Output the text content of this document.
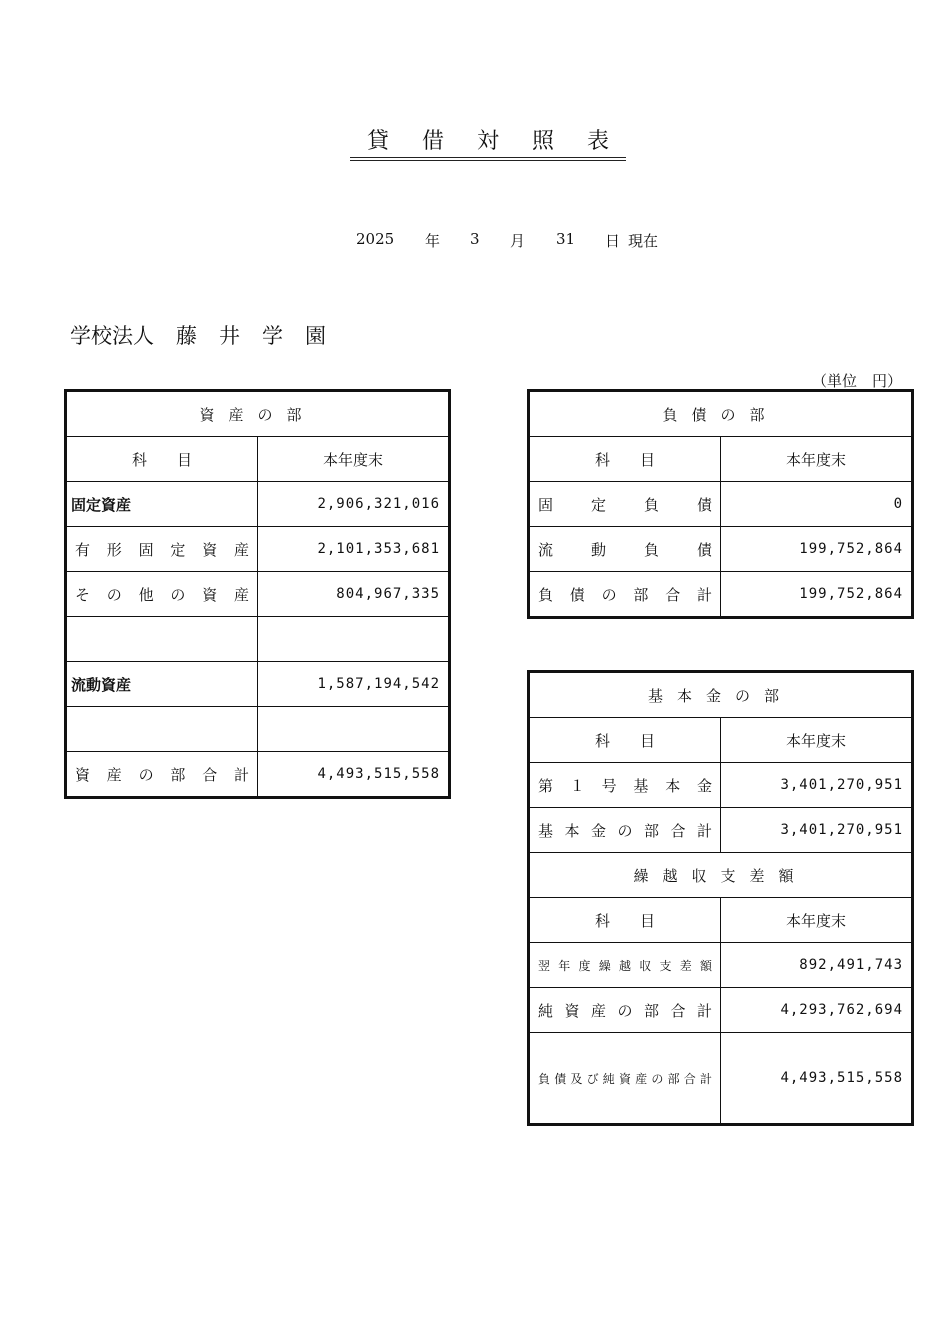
貸 借 対 照 表
2025 年 3 月 31 日 現在
学校法人 藤 井 学 園
（単位　円）
資産の部	
科　　目	本年度末
固定資産	2,906,321,016
有形固定資産	2,101,353,681
その他の資産	804,967,335

流動資産	1,587,194,542

資産の部合計	4,493,515,558
負債の部	
科　　目	本年度末
固定負債	0
流動負債	199,752,864
負債の部合計	199,752,864
基本金の部	
科　　目	本年度末
第１号基本金	3,401,270,951
基本金の部合計	3,401,270,951
繰越収支差額	
科　　目	本年度末
翌年度繰越収支差額	892,491,743
純資産の部合計	4,293,762,694
負債及び純資産の部合計	4,493,515,558
